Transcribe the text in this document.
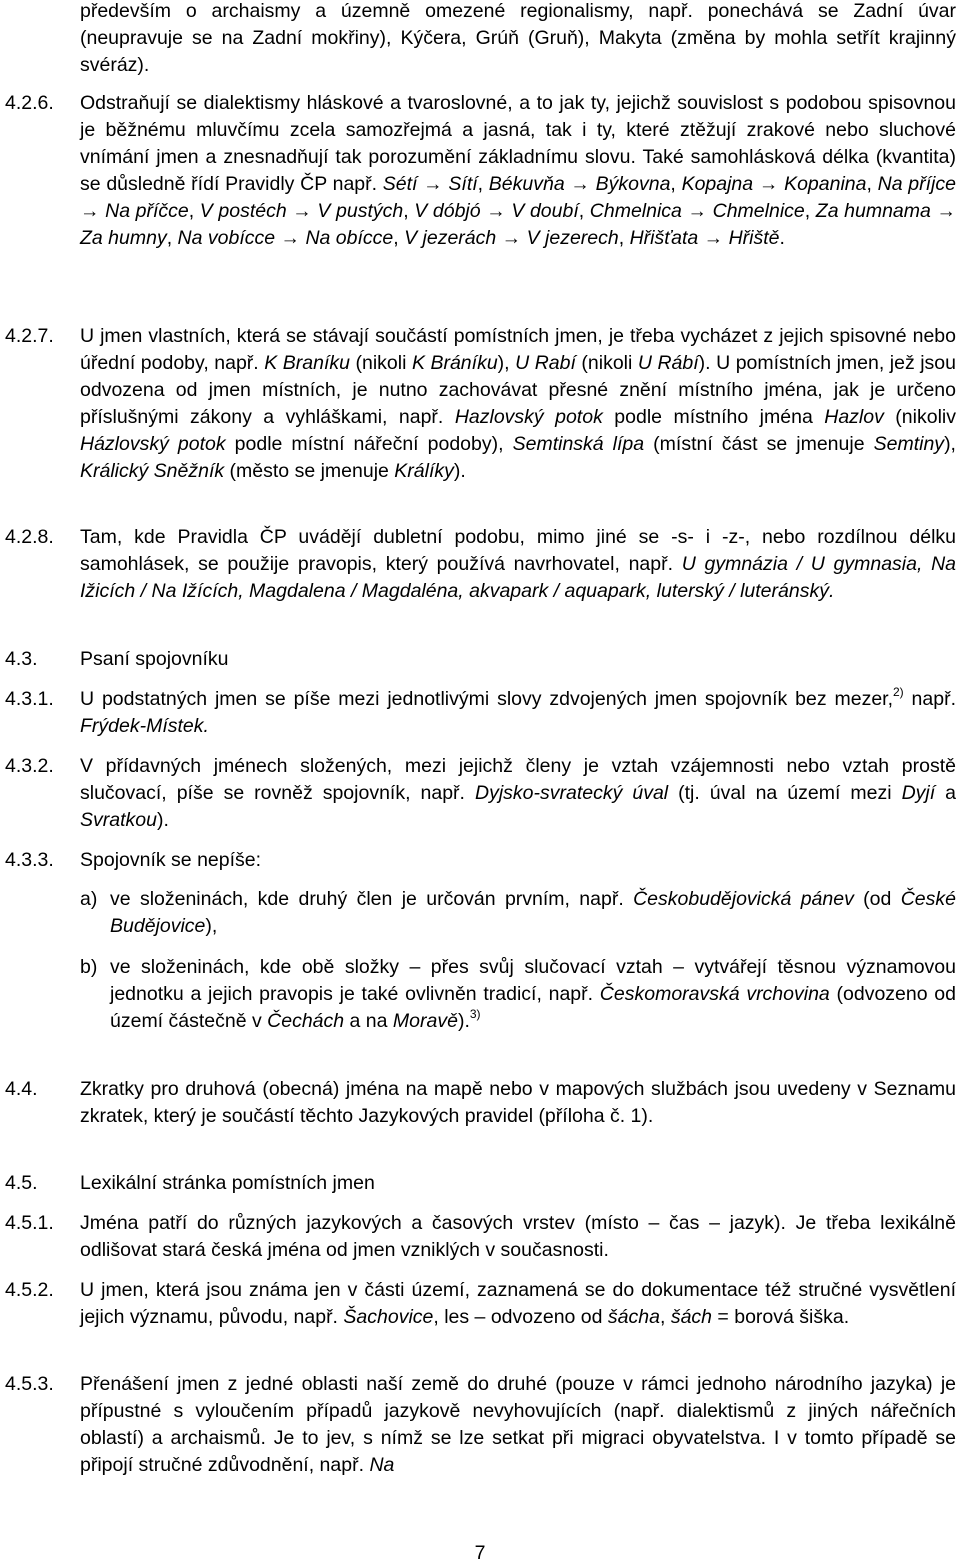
především o archaismy a územně omezené regionalismy, např. ponechává se Zadní úvar (neupravuje se na Zadní mokřiny), Kýčera, Grúň (Gruň), Makyta (změna by mohla setřít krajinný svéráz).
4.2.6.	Odstraňují se dialektismy hláskové a tvaroslovné, a to jak ty, jejichž souvislost s podobou spisovnou je běžnému mluvčímu zcela samozřejmá a jasná, tak i ty, které ztěžují zrakové nebo sluchové vnímání jmen a znesnadňují tak porozumění základnímu slovu. Také samohlásková délka (kvantita) se důsledně řídí Pravidly ČP např. Sétí → Sítí, Békuvňa → Býkovna, Kopajna → Kopanina, Na příjce → Na příčce, V postéch → V pustých, V dóbjó → V doubí, Chmelnica → Chmelnice, Za humnama → Za humny, Na vobícce → Na obícce, V jezerách → V jezerech, Hřišťata → Hřiště.
4.2.7.	U jmen vlastních, která se stávají součástí pomístních jmen, je třeba vycházet z jejich spisovné nebo úřední podoby, např. K Braníku (nikoli K Bráníku), U Rabí (nikoli U Rábí). U pomístních jmen, jež jsou odvozena od jmen místních, je nutno zachovávat přesné znění místního jména, jak je určeno příslušnými zákony a vyhláškami, např. Hazlovský potok podle místního jména Hazlov (nikoliv Házlovský potok podle místní nářeční podoby), Semtinská lípa (místní část se jmenuje Semtiny), Králický Sněžník (město se jmenuje Králíky).
4.2.8.	Tam, kde Pravidla ČP uvádějí dubletní podobu, mimo jiné se -s- i -z-, nebo rozdílnou délku samohlásek, se použije pravopis, který používá navrhovatel, např. U gymnázia / U gymnasia, Na Ižicích / Na Ižících, Magdalena / Magdaléna, akvapark / aquapark, luterský / luteránský.
4.3.	Psaní spojovníku
4.3.1.	U podstatných jmen se píše mezi jednotlivými slovy zdvojených jmen spojovník bez mezer,$^{2)}$ např. Frýdek-Místek.
4.3.2.	V přídavných jménech složených, mezi jejichž členy je vztah vzájemnosti nebo vztah prostě slučovací, píše se rovněž spojovník, např. Dyjsko-svratecký úval (tj. úval na území mezi Dyjí a Svratkou).
4.3.3.	Spojovník se nepíše:
a) ve složeninách, kde druhý člen je určován prvním, např. Českobudějovická pánev (od České Budějovice),
b) ve složeninách, kde obě složky – přes svůj slučovací vztah – vytvářejí těsnou významovou jednotku a jejich pravopis je také ovlivněn tradicí, např. Českomoravská vrchovina (odvozeno od území částečně v Čechách a na Moravě).$^{3)}$
4.4.	Zkratky pro druhová (obecná) jména na mapě nebo v mapových službách jsou uvedeny v Seznamu zkratek, který je součástí těchto Jazykových pravidel (příloha č. 1).
4.5.	Lexikální stránka pomístních jmen
4.5.1.	Jména patří do různých jazykových a časových vrstev (místo – čas – jazyk). Je třeba lexikálně odlišovat stará česká jména od jmen vzniklých v současnosti.
4.5.2.	U jmen, která jsou známa jen v části území, zaznamená se do dokumentace též stručné vysvětlení jejich významu, původu, např. Šachovice, les – odvozeno od šácha, šách = borová šiška.
4.5.3.	Přenášení jmen z jedné oblasti naší země do druhé (pouze v rámci jednoho národního jazyka) je přípustné s vyloučením případů jazykově nevyhovujících (např. dialektismů z jiných nářečních oblastí) a archaismů. Je to jev, s nímž se lze setkat při migraci obyvatelstva. I v tomto případě se připojí stručné zdůvodnění, např. Na
7
